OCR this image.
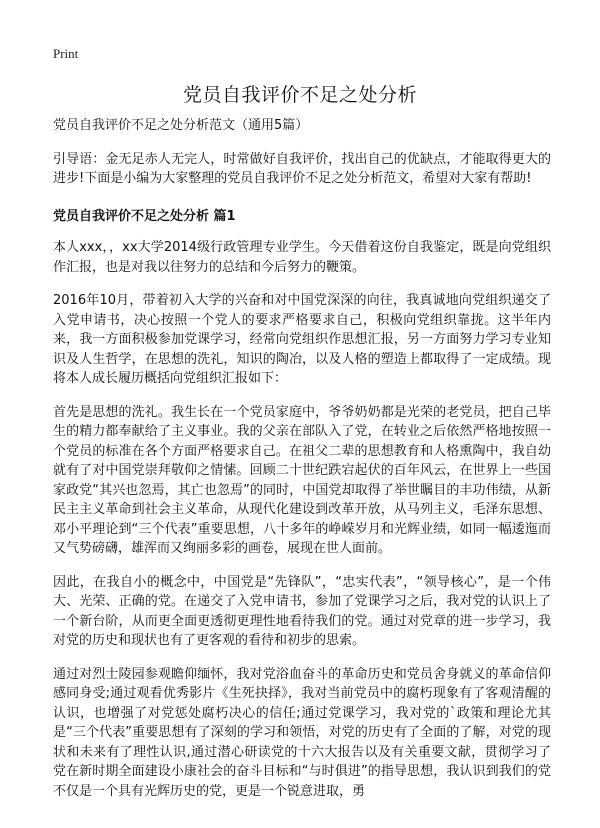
Print
党员自我评价不足之处分析

党员自我评价不足之处分析范文（通用5篇）

引导语：金无足赤人无完人，时常做好自我评价，找出自己的优缺点，才能取得更大的进步!下面是小编为大家整理的党员自我评价不足之处分析范文，希望对大家有帮助!

党员自我评价不足之处分析 篇1

本人xxx，，xx大学2014级行政管理专业学生。今天借着这份自我鉴定，既是向党组织作汇报，也是对我以往努力的总结和今后努力的鞭策。

2016年10月，带着初入大学的兴奋和对中国党深深的向往，我真诚地向党组织递交了入党申请书，决心按照一个党人的要求严格要求自己，积极向党组织靠拢。这半年内来，我一方面积极参加党课学习，经常向党组织作思想汇报，另一方面努力学习专业知识及人生哲学，在思想的洗礼，知识的陶冶，以及人格的塑造上都取得了一定成绩。现将本人成长履历概括向党组织汇报如下：

首先是思想的洗礼。我生长在一个党员家庭中，爷爷奶奶都是光荣的老党员，把自己毕生的精力都奉献给了主义事业。我的父亲在部队入了党，在转业之后依然严格地按照一个党员的标准在各个方面严格要求自己。在祖父二辈的思想教育和人格熏陶中，我自幼就有了对中国党崇拜敬仰之情愫。回顾二十世纪跌宕起伏的百年风云，在世界上一些国家政党“其兴也忽焉，其亡也忽焉”的同时，中国党却取得了举世瞩目的丰功伟绩，从新民主主义革命到社会主义革命，从现代化建设到改革开放，从马列主义，毛泽东思想、邓小平理论到“三个代表”重要思想，八十多年的峥嵘岁月和光辉业绩，如同一幅逶迤而又气势磅礴，雄浑而又绚丽多彩的画卷，展现在世人面前。

因此，在我自小的概念中，中国党是“先锋队”，“忠实代表”，“领导核心”，是一个伟大、光荣、正确的党。在递交了入党申请书，参加了党课学习之后，我对党的认识上了一个新台阶，从而更全面更透彻更理性地看待我们的党。通过对党章的进一步学习，我对党的历史和现状也有了更客观的看待和初步的思索。

通过对烈士陵园参观瞻仰缅怀，我对党浴血奋斗的革命历史和党员舍身就义的革命信仰感同身受;通过观看优秀影片《生死抉择》，我对当前党员中的腐朽现象有了客观清醒的认识，也增强了对党惩处腐朽决心的信任;通过党课学习，我对党的`政策和理论尤其是“三个代表”重要思想有了深刻的学习和领悟，对党的历史有了全面的了解，对党的现状和未来有了理性认识,通过潜心研读党的十六大报告以及有关重要文献，贯彻学习了党在新时期全面建设小康社会的奋斗目标和“与时俱进”的指导思想，我认识到我们的党不仅是一个具有光辉历史的党，更是一个锐意进取，勇
